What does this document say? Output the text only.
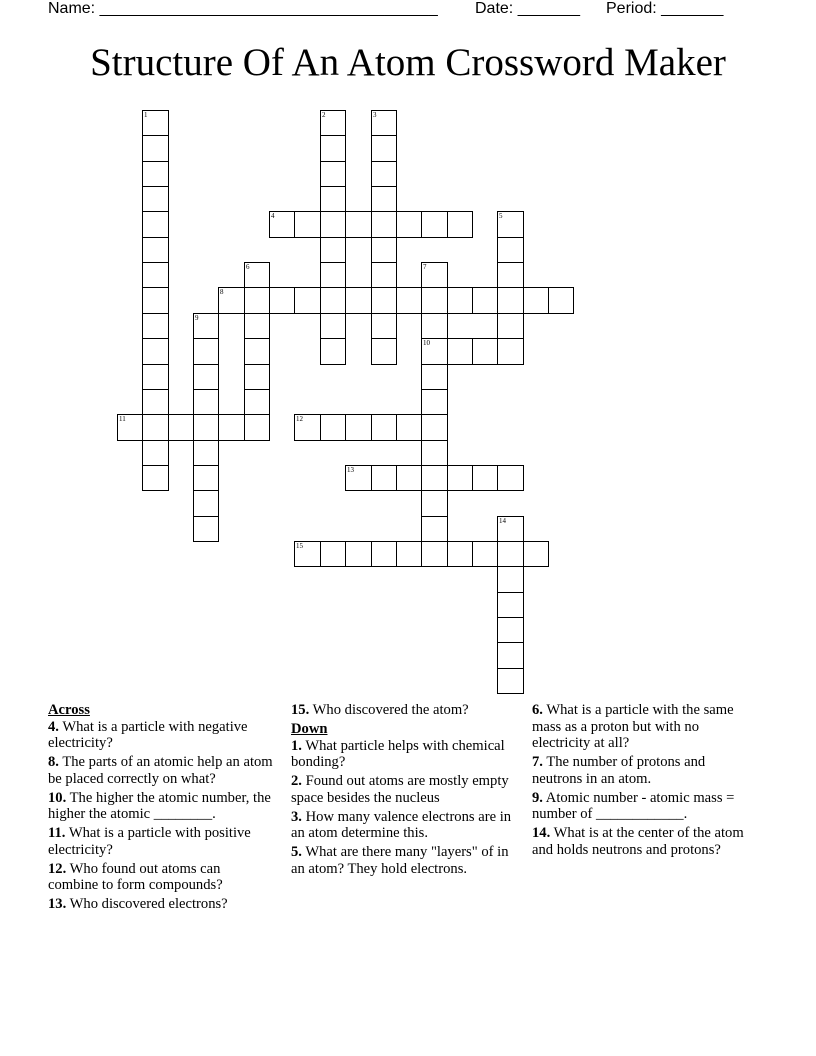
Name: ______________________________________

Date: _______

Period: _______

Structure Of An Atom Crossword Maker
1	2	3
4	5
6	7
8
9
10
11	12
13
14
15
Across
4. What is a particle with negative electricity?
8. The parts of an atomic help an atom be placed correctly on what?
10. The higher the atomic number, the higher the atomic ________.
11. What is a particle with positive electricity?
12. Who found out atoms can combine to form compounds?
13. Who discovered electrons?
15. Who discovered the atom?
Down
1. What particle helps with chemical bonding?
2. Found out atoms are mostly empty space besides the nucleus
3. How many valence electrons are in an atom determine this.
5. What are there many "layers" of in an atom? They hold electrons.
6. What is a particle with the same mass as a proton but with no electricity at all?
7. The number of protons and neutrons in an atom.
9. Atomic number - atomic mass = number of ____________.
14. What is at the center of the atom and holds neutrons and protons?
